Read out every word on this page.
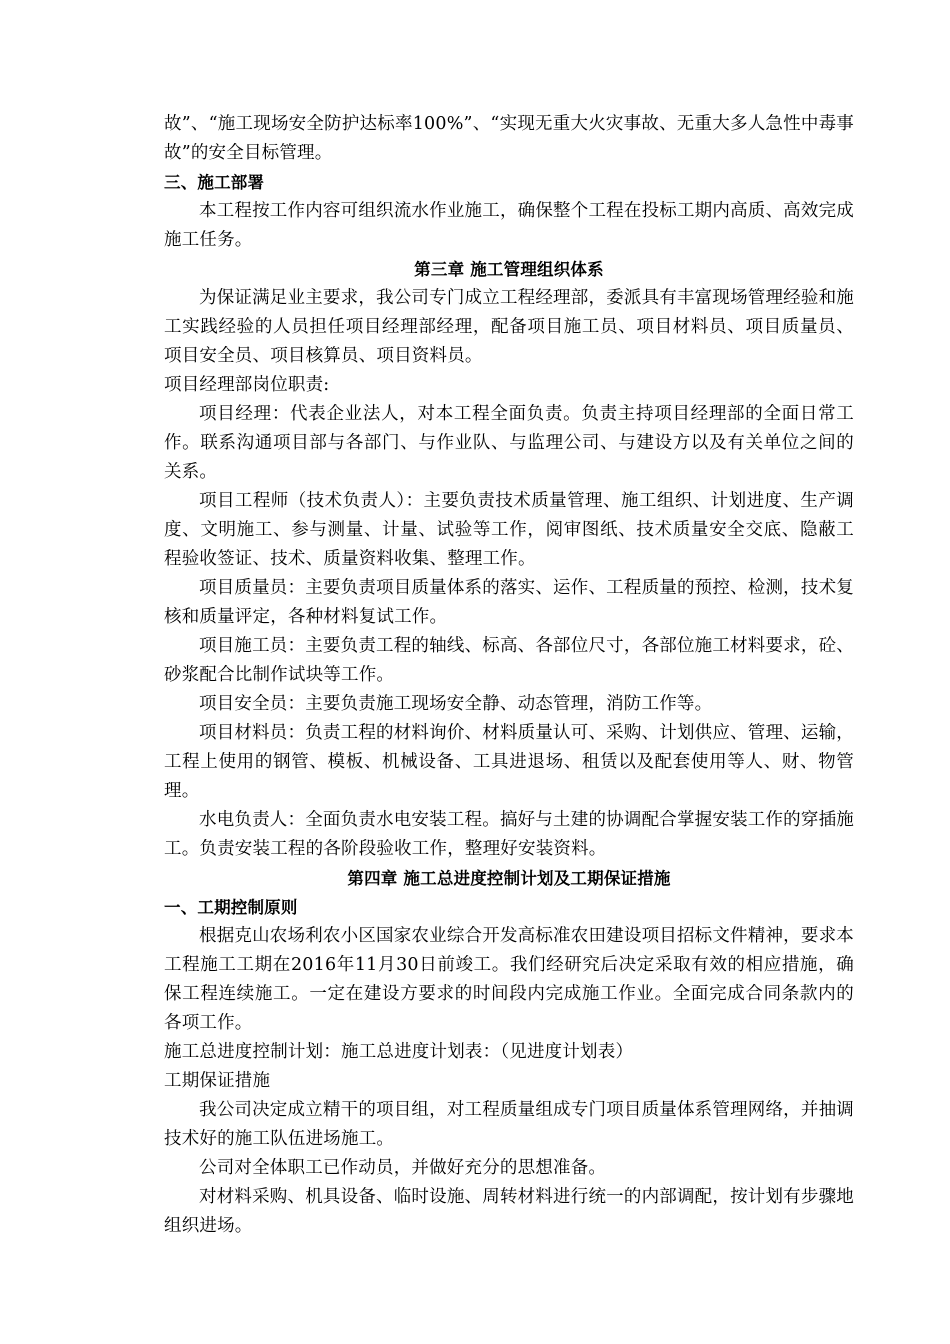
故”、“施工现场安全防护达标率100%”、“实现无重大火灾事故、无重大多人急性中毒事故”的安全目标管理。

三、施工部署

本工程按工作内容可组织流水作业施工，确保整个工程在投标工期内高质、高效完成施工任务。

第三章 施工管理组织体系

为保证满足业主要求，我公司专门成立工程经理部，委派具有丰富现场管理经验和施工实践经验的人员担任项目经理部经理，配备项目施工员、项目材料员、项目质量员、项目安全员、项目核算员、项目资料员。

项目经理部岗位职责:

项目经理：代表企业法人，对本工程全面负责。负责主持项目经理部的全面日常工作。联系沟通项目部与各部门、与作业队、与监理公司、与建设方以及有关单位之间的关系。

项目工程师（技术负责人）：主要负责技术质量管理、施工组织、计划进度、生产调度、文明施工、参与测量、计量、试验等工作，阅审图纸、技术质量安全交底、隐蔽工程验收签证、技术、质量资料收集、整理工作。

项目质量员：主要负责项目质量体系的落实、运作、工程质量的预控、检测，技术复核和质量评定，各种材料复试工作。

项目施工员：主要负责工程的轴线、标高、各部位尺寸，各部位施工材料要求，砼、砂浆配合比制作试块等工作。

项目安全员：主要负责施工现场安全静、动态管理，消防工作等。

项目材料员：负责工程的材料询价、材料质量认可、采购、计划供应、管理、运输，工程上使用的钢管、模板、机械设备、工具进退场、租赁以及配套使用等人、财、物管理。

水电负责人：全面负责水电安装工程。搞好与土建的协调配合掌握安装工作的穿插施工。负责安装工程的各阶段验收工作，整理好安装资料。

第四章 施工总进度控制计划及工期保证措施

一、工期控制原则

根据克山农场利农小区国家农业综合开发高标准农田建设项目招标文件精神，要求本工程施工工期在2016年11月30日前竣工。我们经研究后决定采取有效的相应措施，确保工程连续施工。一定在建设方要求的时间段内完成施工作业。全面完成合同条款内的各项工作。

施工总进度控制计划：施工总进度计划表：（见进度计划表）

工期保证措施

我公司决定成立精干的项目组，对工程质量组成专门项目质量体系管理网络，并抽调技术好的施工队伍进场施工。

公司对全体职工已作动员，并做好充分的思想准备。

对材料采购、机具设备、临时设施、周转材料进行统一的内部调配，按计划有步骤地组织进场。
